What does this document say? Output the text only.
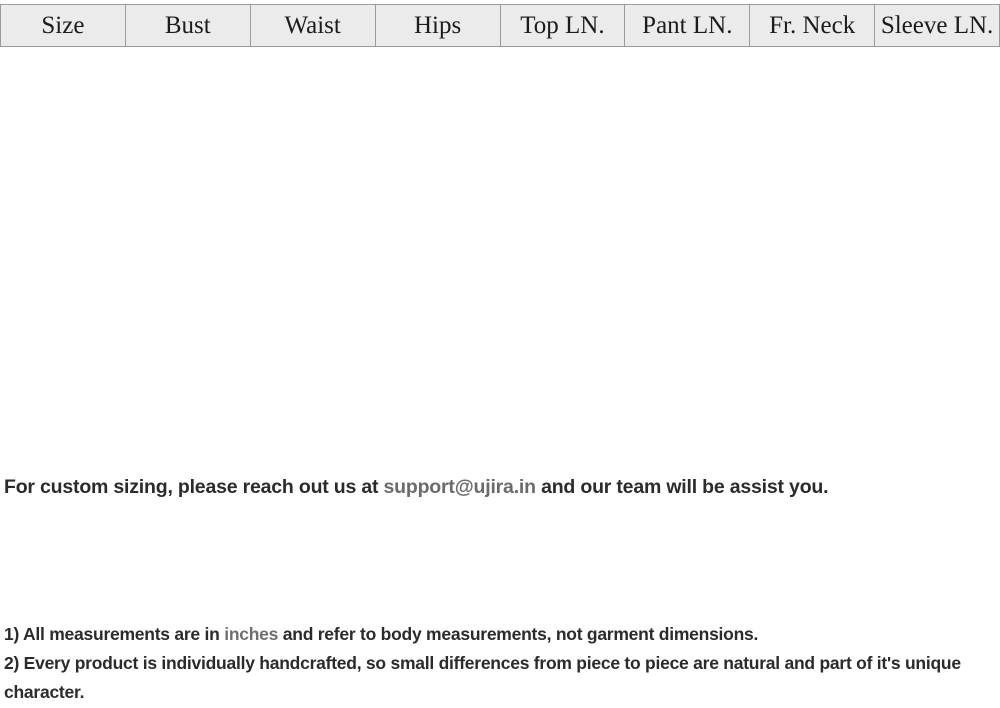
Size	Bust	Waist	Hips	Top LN.	Pant LN.	Fr. Neck	Sleeve LN.
For custom sizing, please reach out us at support@ujira.in and our team will be assist you.
1) All measurements are in inches and refer to body measurements, not garment dimensions.
2) Every product is individually handcrafted, so small differences from piece to piece are natural and part of it's unique character.
